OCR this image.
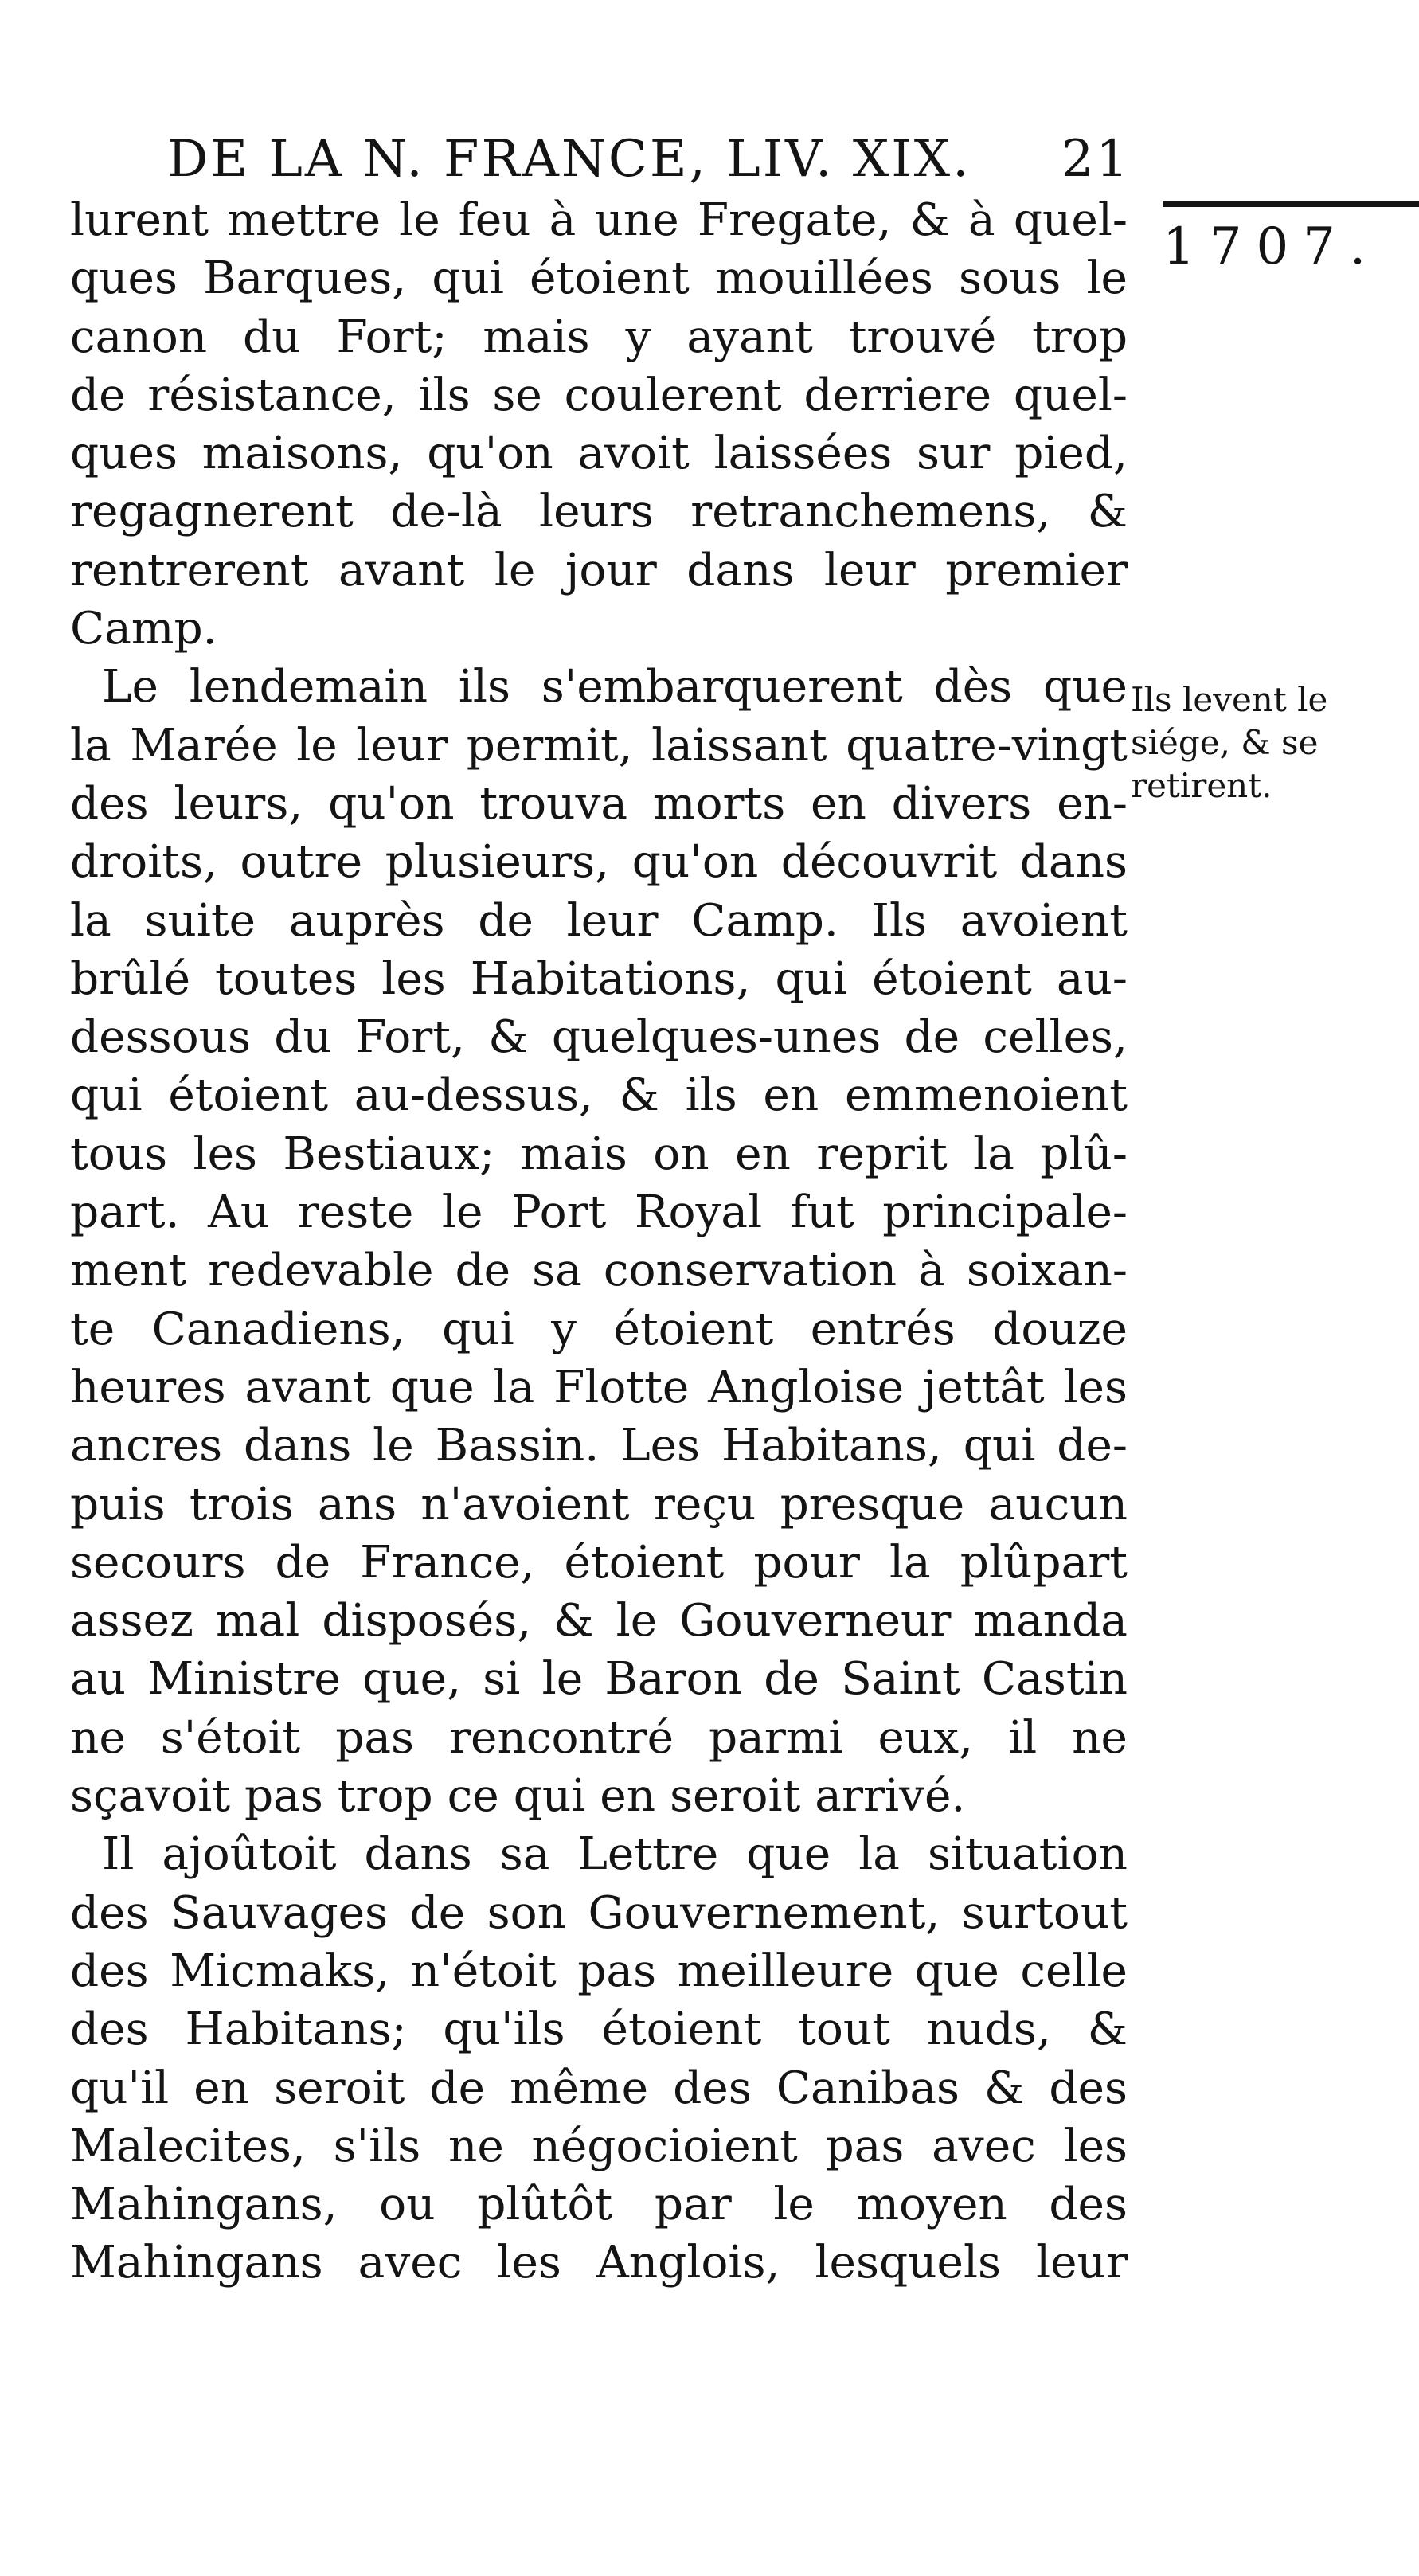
DE LA N. FRANCE, LIV. XIX. 21
1707.
lurent mettre le feu à une Fregate, & à quel-
ques Barques, qui étoient mouillées sous le
canon du Fort; mais y ayant trouvé trop
de résistance, ils se coulerent derriere quel-
ques maisons, qu'on avoit laissées sur pied,
regagnerent de-là leurs retranchemens, &
rentrerent avant le jour dans leur premier
Camp.
Le lendemain ils s'embarquerent dès que
la Marée le leur permit, laissant quatre-vingt
des leurs, qu'on trouva morts en divers en-
droits, outre plusieurs, qu'on découvrit dans
la suite auprès de leur Camp. Ils avoient
brûlé toutes les Habitations, qui étoient au-
dessous du Fort, & quelques-unes de celles,
qui étoient au-dessus, & ils en emmenoient
tous les Bestiaux; mais on en reprit la plû-
part. Au reste le Port Royal fut principale-
ment redevable de sa conservation à soixan-
te Canadiens, qui y étoient entrés douze
heures avant que la Flotte Angloise jettât les
ancres dans le Bassin. Les Habitans, qui de-
puis trois ans n'avoient reçu presque aucun
secours de France, étoient pour la plûpart
assez mal disposés, & le Gouverneur manda
au Ministre que, si le Baron de Saint Castin
ne s'étoit pas rencontré parmi eux, il ne
sçavoit pas trop ce qui en seroit arrivé.
Il ajoûtoit dans sa Lettre que la situation
des Sauvages de son Gouvernement, surtout
des Micmaks, n'étoit pas meilleure que celle
des Habitans; qu'ils étoient tout nuds, &
qu'il en seroit de même des Canibas & des
Malecites, s'ils ne négocioient pas avec les
Mahingans, ou plûtôt par le moyen des
Mahingans avec les Anglois, lesquels leur
Ils levent le
siége, & se
retirent.
